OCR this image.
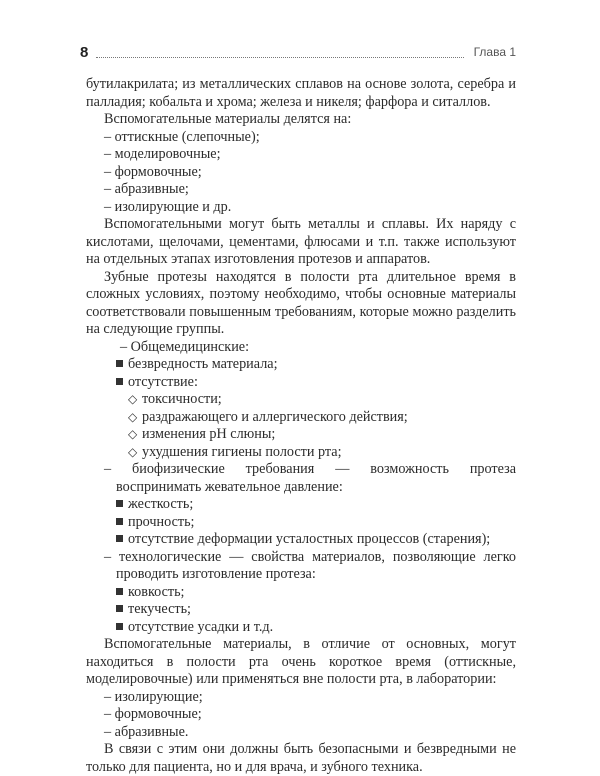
8	Глава 1

бутилакрилата; из металлических сплавов на основе золота, серебра и палладия; кобальта и хрома; железа и никеля; фарфора и ситаллов.

Вспомогательные материалы делятся на:

– оттискные (слепочные);

– моделировочные;

– формовочные;

– абразивные;

– изолирующие и др.

Вспомогательными могут быть металлы и сплавы. Их наряду с кислотами, щелочами, цементами, флюсами и т.п. также используют на отдельных этапах изготовления протезов и аппаратов.

Зубные протезы находятся в полости рта длительное время в сложных условиях, поэтому необходимо, чтобы основные материалы соответствовали повышенным требованиям, которые можно разделить на следующие группы.

– Общемедицинские:

безвредность материала;

отсутствие:

◇ токсичности;

◇ раздражающего и аллергического действия;

◇ изменения pH слюны;

◇ ухудшения гигиены полости рта;

– биофизические требования — возможность протеза воспринимать жевательное давление:

жесткость;

прочность;

отсутствие деформации усталостных процессов (старения);

– технологические — свойства материалов, позволяющие легко проводить изготовление протеза:

ковкость;

текучесть;

отсутствие усадки и т.д.

Вспомогательные материалы, в отличие от основных, могут находиться в полости рта очень короткое время (оттискные, моделировочные) или применяться вне полости рта, в лаборатории:

– изолирующие;

– формовочные;

– абразивные.

В связи с этим они должны быть безопасными и безвредными не только для пациента, но и для врача, и зубного техника.
